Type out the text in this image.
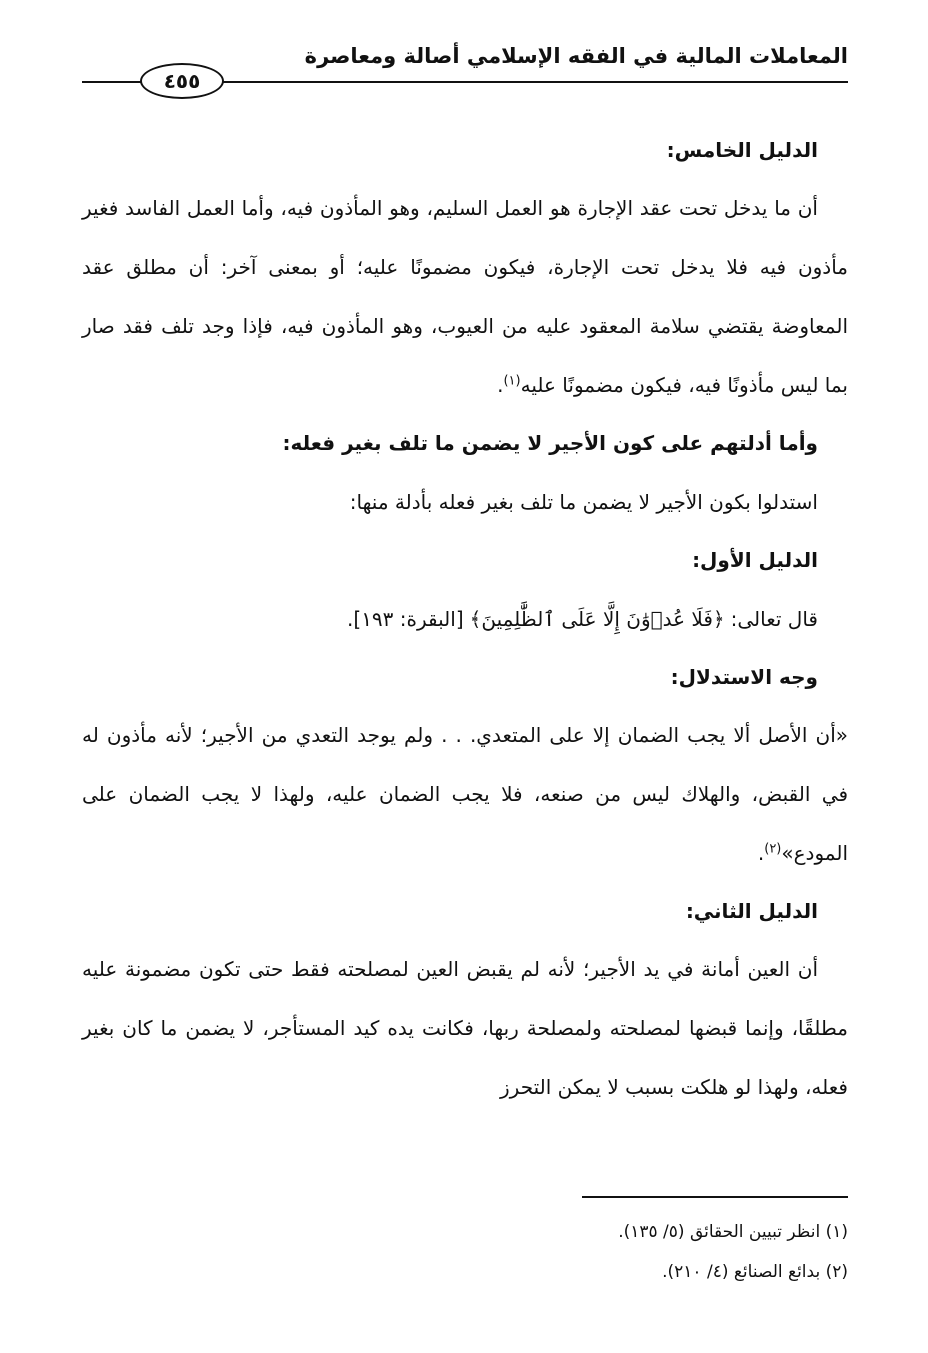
المعاملات المالية في الفقه الإسلامي أصالة ومعاصرة
٤٥٥

الدليل الخامس:

أن ما يدخل تحت عقد الإجارة هو العمل السليم، وهو المأذون فيه، وأما العمل الفاسد فغير مأذون فيه فلا يدخل تحت الإجارة، فيكون مضمونًا عليه؛ أو بمعنى آخر: أن مطلق عقد المعاوضة يقتضي سلامة المعقود عليه من العيوب، وهو المأذون فيه، فإذا وجد تلف فقد صار بما ليس مأذونًا فيه، فيكون مضمونًا عليه$^{(١)}$.

وأما أدلتهم على كون الأجير لا يضمن ما تلف بغير فعله:

استدلوا بكون الأجير لا يضمن ما تلف بغير فعله بأدلة منها:

الدليل الأول:

قال تعالى:﴿فَلَا عُدۡوَٰنَ إِلَّا عَلَى ٱلظَّٰلِمِينَ﴾[البقرة: ١٩٣].

وجه الاستدلال:

«أن الأصل ألا يجب الضمان إلا على المتعدي. . . ولم يوجد التعدي من الأجير؛ لأنه مأذون له في القبض، والهلاك ليس من صنعه، فلا يجب الضمان عليه، ولهذا لا يجب الضمان على المودع»$^{(٢)}$.

الدليل الثاني:

أن العين أمانة في يد الأجير؛ لأنه لم يقبض العين لمصلحته فقط حتى تكون مضمونة عليه مطلقًا، وإنما قبضها لمصلحته ولمصلحة ربها، فكانت يده كيد المستأجر، لا يضمن ما كان بغير فعله، ولهذا لو هلكت بسبب لا يمكن التحرز

(١) انظر تبيين الحقائق (٥/ ١٣٥).

(٢) بدائع الصنائع (٤/ ٢١٠).
